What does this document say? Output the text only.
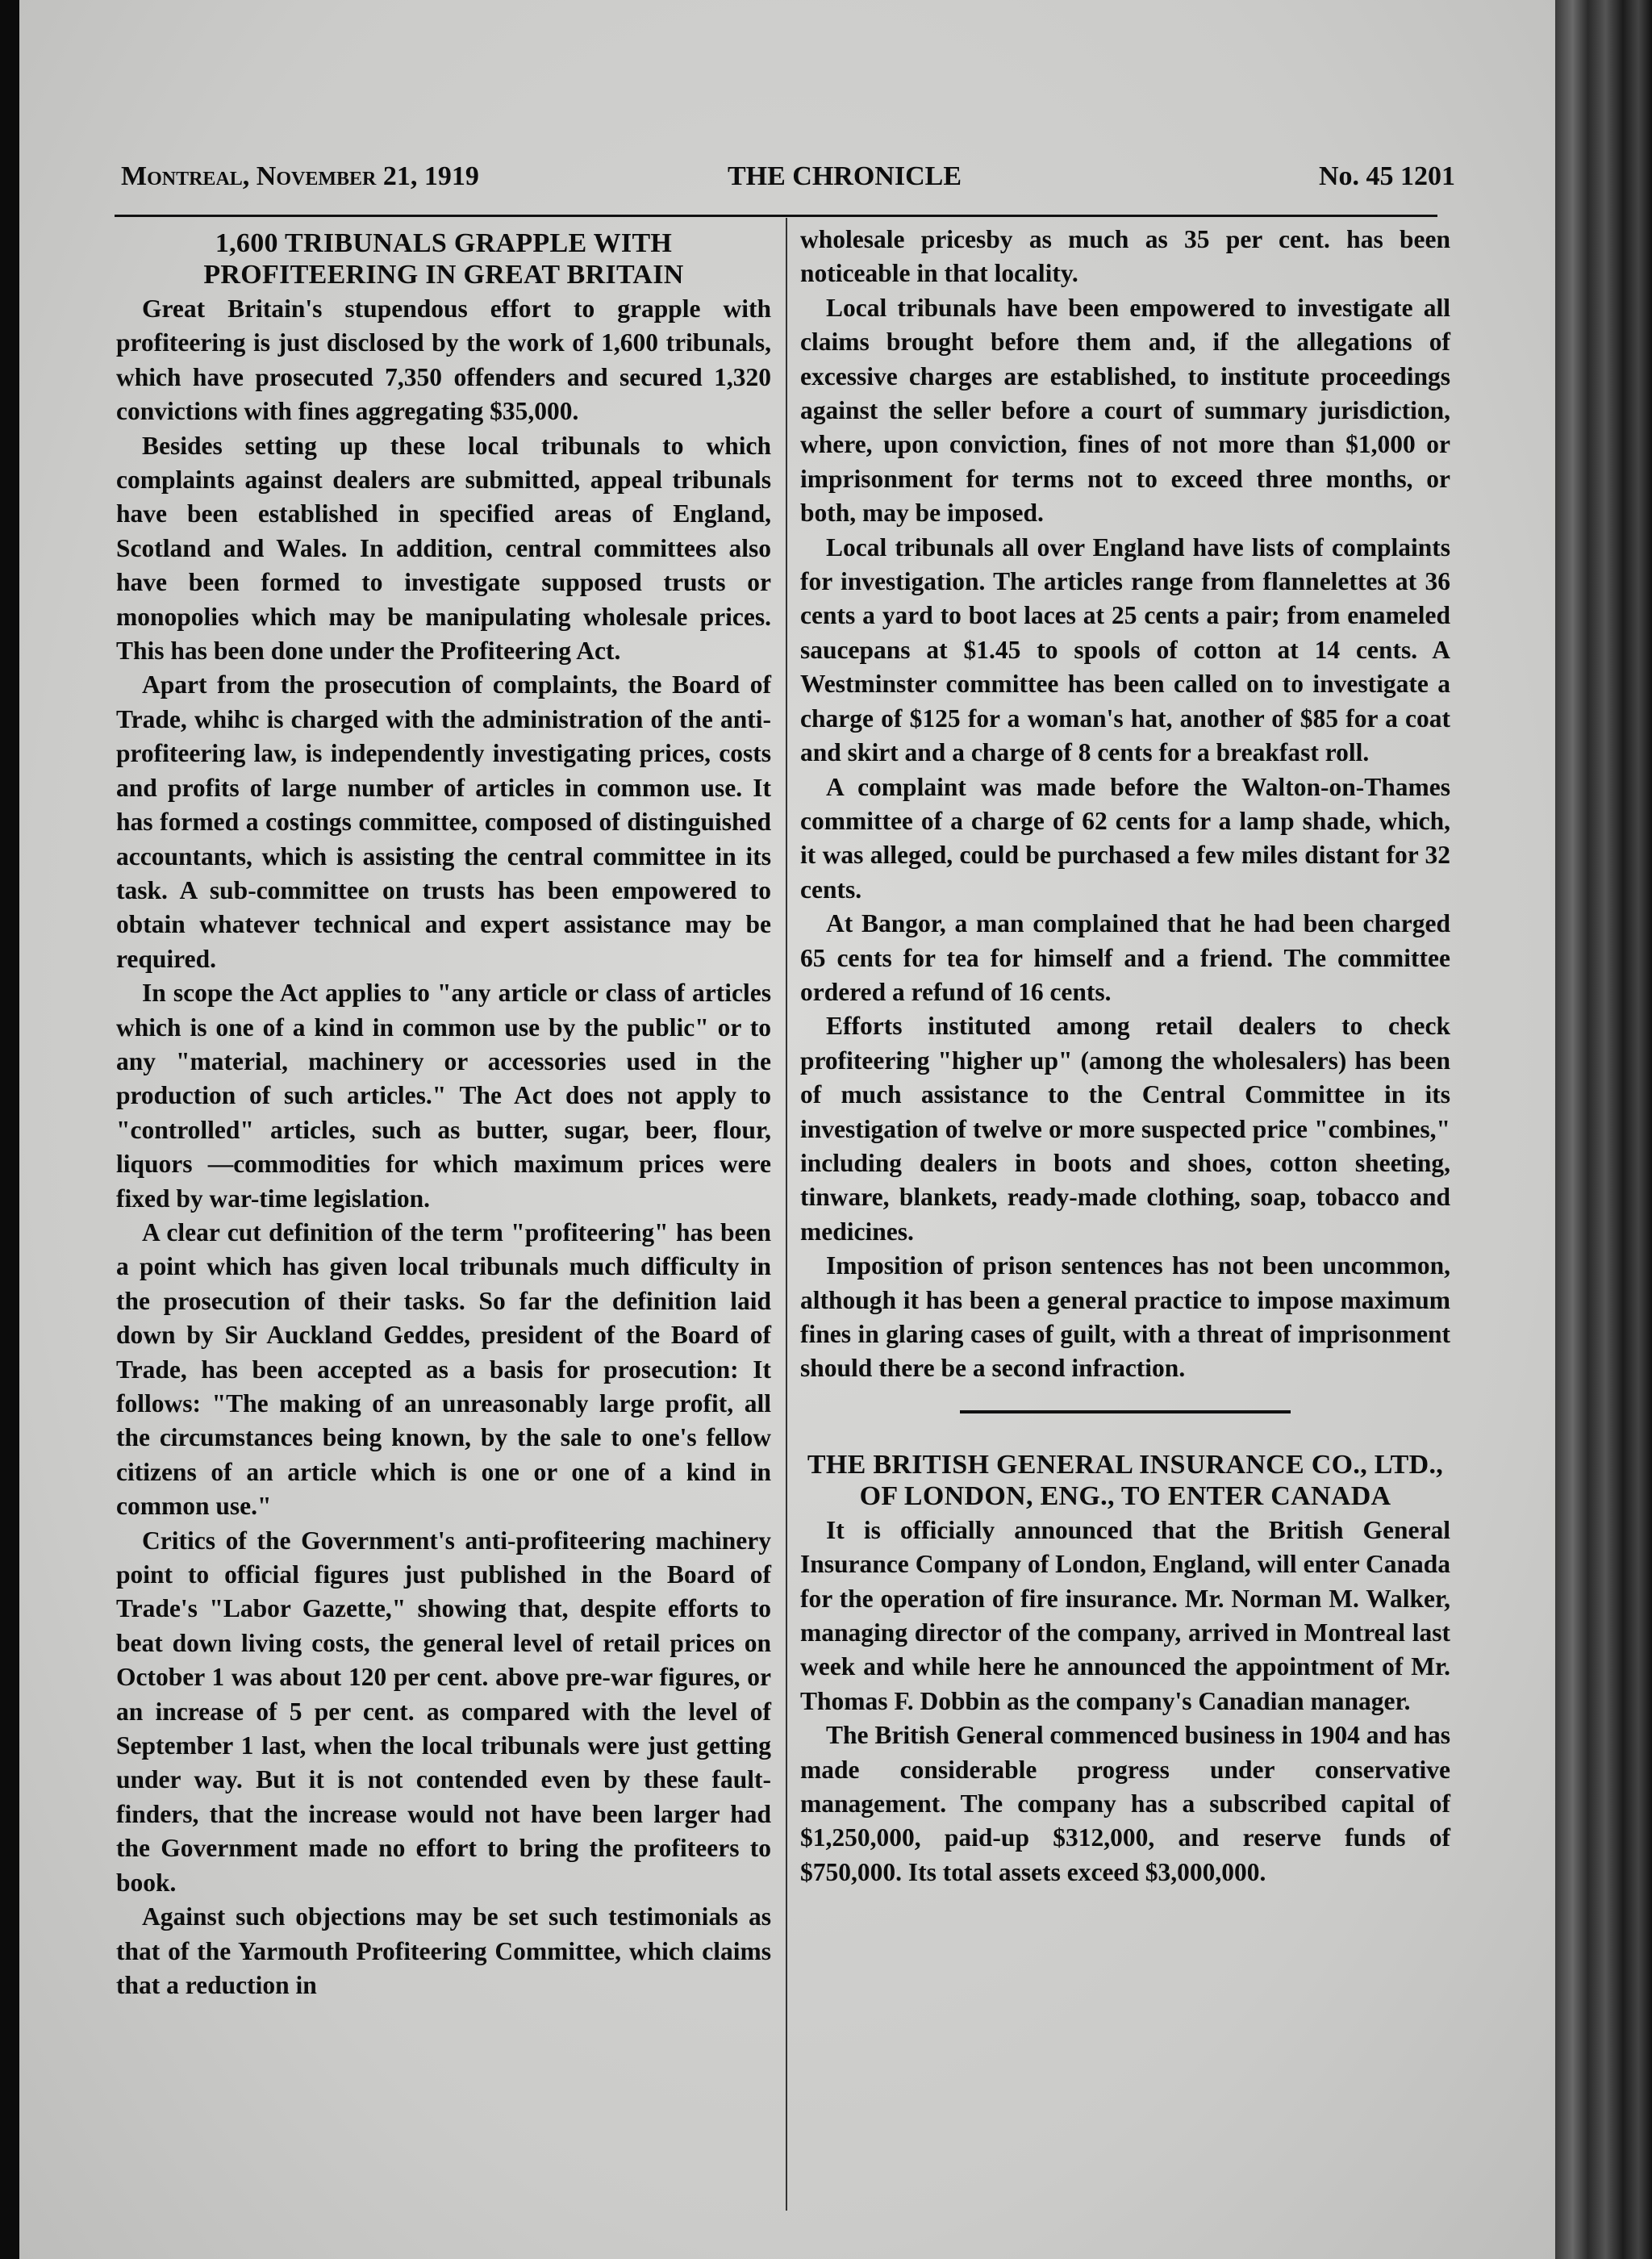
Montreal, November 21, 1919	THE CHRONICLE	No. 45 1201
1,600 TRIBUNALS GRAPPLE WITH PROFITEERING IN GREAT BRITAIN

Great Britain's stupendous effort to grapple with profiteering is just disclosed by the work of 1,600 tribunals, which have prosecuted 7,350 offenders and secured 1,320 convictions with fines aggregating $35,000.

Besides setting up these local tribunals to which complaints against dealers are submitted, appeal tribunals have been established in specified areas of England, Scotland and Wales. In addition, central committees also have been formed to investigate supposed trusts or monopolies which may be manipulating wholesale prices. This has been done under the Profiteering Act.

Apart from the prosecution of complaints, the Board of Trade, whihc is charged with the administration of the anti-profiteering law, is independently investigating prices, costs and profits of large number of articles in common use. It has formed a costings committee, composed of distinguished accountants, which is assisting the central committee in its task. A sub-committee on trusts has been empowered to obtain whatever technical and expert assistance may be required.

In scope the Act applies to "any article or class of articles which is one of a kind in common use by the public" or to any "material, machinery or accessories used in the production of such articles." The Act does not apply to "controlled" articles, such as butter, sugar, beer, flour, liquors —commodities for which maximum prices were fixed by war-time legislation.

A clear cut definition of the term "profiteering" has been a point which has given local tribunals much difficulty in the prosecution of their tasks. So far the definition laid down by Sir Auckland Geddes, president of the Board of Trade, has been accepted as a basis for prosecution: It follows: "The making of an unreasonably large profit, all the circumstances being known, by the sale to one's fellow citizens of an article which is one or one of a kind in common use."

Critics of the Government's anti-profiteering machinery point to official figures just published in the Board of Trade's "Labor Gazette," showing that, despite efforts to beat down living costs, the general level of retail prices on October 1 was about 120 per cent. above pre-war figures, or an increase of 5 per cent. as compared with the level of September 1 last, when the local tribunals were just getting under way. But it is not contended even by these fault-finders, that the increase would not have been larger had the Government made no effort to bring the profiteers to book.

Against such objections may be set such testimonials as that of the Yarmouth Profiteering Committee, which claims that a reduction in

wholesale pricesby as much as 35 per cent. has been noticeable in that locality.

Local tribunals have been empowered to investigate all claims brought before them and, if the allegations of excessive charges are established, to institute proceedings against the seller before a court of summary jurisdiction, where, upon conviction, fines of not more than $1,000 or imprisonment for terms not to exceed three months, or both, may be imposed.

Local tribunals all over England have lists of complaints for investigation. The articles range from flannelettes at 36 cents a yard to boot laces at 25 cents a pair; from enameled saucepans at $1.45 to spools of cotton at 14 cents. A Westminster committee has been called on to investigate a charge of $125 for a woman's hat, another of $85 for a coat and skirt and a charge of 8 cents for a breakfast roll.

A complaint was made before the Walton-on-Thames committee of a charge of 62 cents for a lamp shade, which, it was alleged, could be purchased a few miles distant for 32 cents.

At Bangor, a man complained that he had been charged 65 cents for tea for himself and a friend. The committee ordered a refund of 16 cents.

Efforts instituted among retail dealers to check profiteering "higher up" (among the wholesalers) has been of much assistance to the Central Committee in its investigation of twelve or more suspected price "combines," including dealers in boots and shoes, cotton sheeting, tinware, blankets, ready-made clothing, soap, tobacco and medicines.

Imposition of prison sentences has not been uncommon, although it has been a general practice to impose maximum fines in glaring cases of guilt, with a threat of imprisonment should there be a second infraction.

THE BRITISH GENERAL INSURANCE CO., LTD., OF LONDON, ENG., TO ENTER CANADA

It is officially announced that the British General Insurance Company of London, England, will enter Canada for the operation of fire insurance. Mr. Norman M. Walker, managing director of the company, arrived in Montreal last week and while here he announced the appointment of Mr. Thomas F. Dobbin as the company's Canadian manager.

The British General commenced business in 1904 and has made considerable progress under conservative management. The company has a subscribed capital of $1,250,000, paid-up $312,000, and reserve funds of $750,000. Its total assets exceed $3,000,000.
